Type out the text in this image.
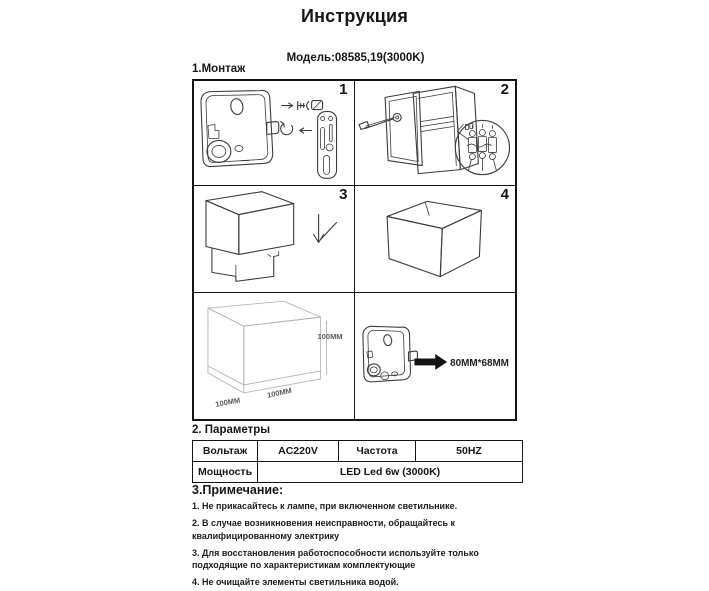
Инструкция
Модель:08585,19(3000K)
1.Монтаж
1	2
3	4
100MM
100MM
100MM
80MM*68MM
2. Параметры
Вольтаж	AC220V	Частота	50HZ
Мощность	LED Led 6w (3000K)		
3.Примечание:
1. Не прикасайтесь к лампе, при включенном светильнике.
2. В случае возникновения неисправности, обращайтесь к квалифицированному электрику
3. Для восстановления работоспособности используйте только подходящие по характеристикам комплектующие
4. Не очищайте элементы светильника водой.
